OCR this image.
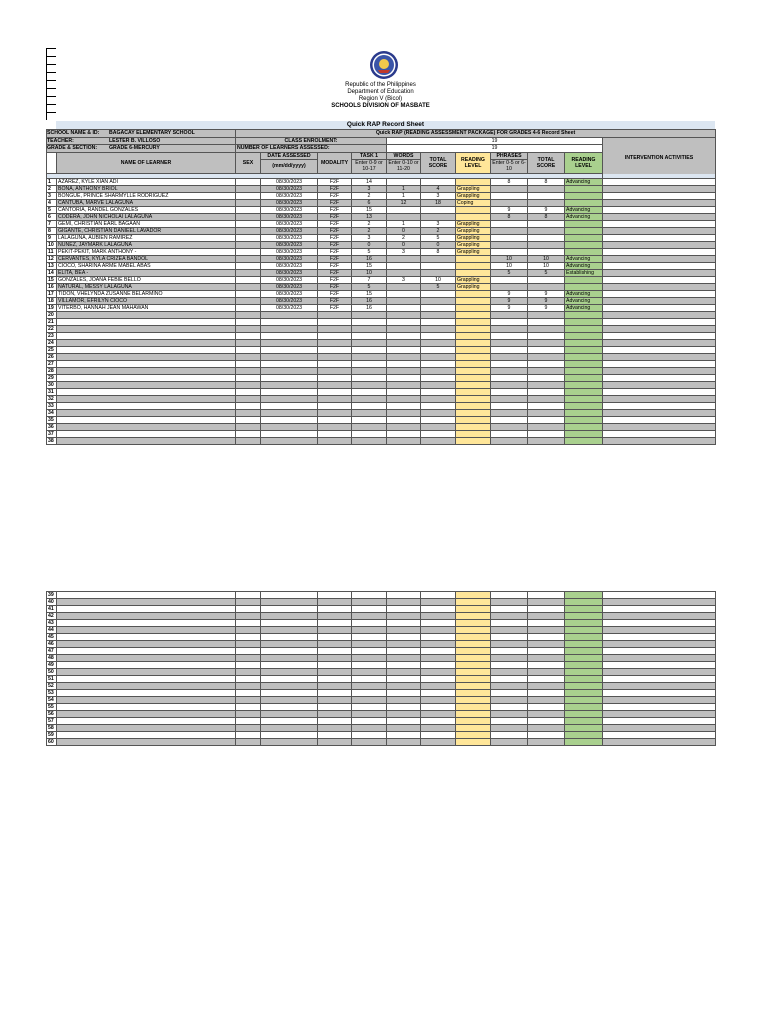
Republic of the Philippines
Department of Education
Region V (Bicol)
SCHOOLS DIVISION OF MASBATE
Quick RAP Record Sheet
SCHOOL NAME & ID: BAGACAY ELEMENTARY SCHOOL		Quick RAP (READING ASSESSMENT PACKAGE) FOR GRADES 4-6 Record Sheet										
TEACHER: LESTER B. VILLOSO		CLASS ENROLMENT:				19						INTERVENTION ACTIVITIES
GRADE & SECTION: GRADE 6-MERCURY		NUMBER OF LEARNERS ASSESSED:				19						
	NAME OF LEARNER	SEX	DATE ASSESSED	MODALITY	TASK 1	WORDS	TOTAL SCORE	READING LEVEL	PHRASES	TOTAL SCORE	READING LEVEL	
			(mm/dd/yyyy)		Enter 0-9 or 10-17	Enter 0-10 or 11-20			Enter 0-5 or 6-10			

1	AZAREZ, KYLE XIAN ADI		08/30/2023	F2F	14				8	8	Advancing	
2	BONA, ANTHONY BRIOL		08/30/2023	F2F	3	1	4	Grappling				
3	BONGUE, PRINCE SHARMYLLE RODRIGUEZ		08/30/2023	F2F	2	1	3	Grappling				
4	CANTUBA, MARVE LALAGUNA		08/30/2023	F2F	6	12	18	Coping				
5	CANTORIA, RANDEL GONZALES		08/30/2023	F2F	15				9	9	Advancing	
6	CODERA, JOHN NICHOLAI LALAGUNA		08/30/2023	F2F	13				8	8	Advancing	
7	GEMI, CHRISTIAN EARL BAGAAN		08/30/2023	F2F	2	1	3	Grappling				
8	GIGANTE, CHRISTIAN DANIEEL LAVADOR		08/30/2023	F2F	2	0	2	Grappling				
9	LALAGUNA, AUBIEN RAMIREZ		08/30/2023	F2F	3	2	5	Grappling				
10	NUNEZ, JAYMARK LALAGUNA		08/30/2023	F2F	0	0	0	Grappling				
11	PEKIT-PEKIT, MARK ANTHONY -		08/30/2023	F2F	5	3	8	Grappling				
12	CERVANTES, KYLA CRIZEA BANDOL		08/30/2023	F2F	16				10	10	Advancing	
13	CIOCO, SHARINA ARME MABEL ABAS		08/30/2023	F2F	15				10	10	Advancing	
14	ELITA, BEA -		08/30/2023	F2F	10				5	5	Establishing	
15	GONZALES, JOANA FEBIE BELLO		08/30/2023	F2F	7	3	10	Grappling				
16	NATURAL, MESSY LALAGUNA		08/30/2023	F2F	5		5	Grappling				
17	TIDON, VHELYNDA ZUSANNE BELARMINO		08/30/2023	F2F	15				9	9	Advancing	
18	VILLAMOR, EFRILYN CIOCO		08/30/2023	F2F	16				9	9	Advancing	
19	VITERBO, HANNAH JEAN MAHAWAN		08/30/2023	F2F	16				9	9	Advancing	
20												
21												
22												
23												
24												
25												
26												
27												
28												
29												
30												
31												
32												
33												
34												
35												
36												
37												
38												
39												
40												
41												
42												
43												
44												
45												
46												
47												
48												
49												
50												
51												
52												
53												
54												
55												
56												
57												
58												
59												
60												
